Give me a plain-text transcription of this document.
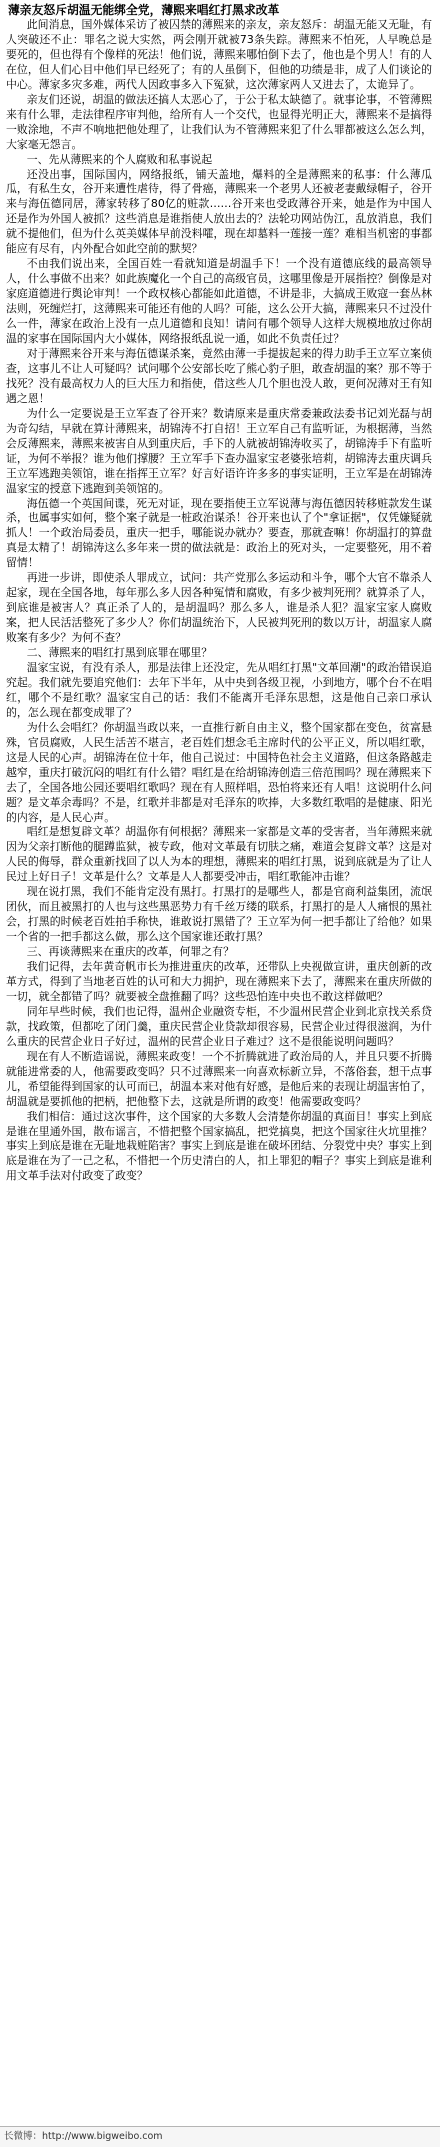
薄亲友怒斥胡温无能绑全党，薄熙来唱红打黑求改革

此间消息，国外媒体采访了被囚禁的薄熙来的亲友，亲友怒斥：胡温无能又无耻，有人突破还不止：罪名之说大实然，两会刚开就被73条失踪。薄熙来不怕死，人早晚总是要死的，但也得有个像样的死法！他们说，薄熙来哪怕倒下去了，他也是个男人！有的人在位，但人们心目中他们早已经死了；有的人虽倒下，但他的功绩是非，成了人们谈论的中心。薄家多灾多难，两代人因政事多入下冤狱，这次薄家两人又进去了，太诡异了。

亲友们还说，胡温的做法还搞人太恶心了，于公于私太缺德了。就事论事，不管薄熙来有什么罪，走法律程序审判他，给所有人一个交代，也显得光明正大，薄熙来不是搞得一败涂地，不声不响地把他处理了，让我们认为不管薄熙来犯了什么罪都被这么怎么判，大家毫无怨言。

一、先从薄熙来的个人腐败和私事说起

还没出事，国际国内，网络报纸，铺天盖地，爆料的全是薄熙来的私事：什么薄瓜瓜，有私生女，谷开来遭性虐待，得了骨癌，薄熙来一个老男人还被老妻戴绿帽子，谷开来与海伍德同居，薄家转移了80亿的赃款……谷开来也受政薄谷开来，她是作为中国人还是作为外国人被抓？这些消息是谁指使人放出去的？法轮功网站伪江，乱放消息，我们就不提他们，但为什么英美媒体早前没料嚯，现在却墓料一莲接一莲？难相当机密的事都能应有尽有，内外配合如此空前的默契？

不由我们说出来，全国百姓一看就知道是胡温手下！一个没有道德底线的最高领导人，什么事做不出来？如此族魔化一个自己的高级官员，这哪里像是开展指控？倒像是对家庭道德进行舆论审判！一个政权核心都能如此道德，不讲是非，大搞成王败寇一套丛林法则，死缠烂打，这薄熙来可能还有他的人吗？可能，这么公开大搞，薄熙来只不过没什么一件，薄家在政治上没有一点儿道德和良知！请问有哪个领导人这样大规模地放过你胡温的家事在国际国内大小媒体，网络报纸乱说一通，如此不负责任过？

对于薄熙来谷开来与海伍德谋杀案，竟然由薄一手提拔起来的得力助手王立军立案侦查，这事儿不让人可疑吗？试问哪个公安部长吃了熊心豹子胆，敢查胡温的案？那不等于找死？没有最高权力人的巨大压力和指使，借这些人几个胆也没人敢，更何况薄对王有知遇之恩！

为什么一定要说是王立军查了谷开来？数请原来是重庆常委兼政法委书记刘光磊与胡为奇勾结，早就在算计薄熙来，胡锦涛不打自招！王立军自己有监听证，为根据薄，当然会反薄熙来，薄熙来被害自从到重庆后，手下的人就被胡锦涛收买了，胡锦涛手下有监听证，为何不举报？谁为他们撑腰？王立军手下查办温家宝老婆张培莉，胡锦涛去重庆调兵王立军逃跑美领馆，谁在指挥王立军？好言好语许许多多的事实证明，王立军是在胡锦涛温家宝的授意下逃跑到美领馆的。

海伍德一个英国间谍，死无对证，现在要指使王立军说薄与海伍德因转移赃款发生谋杀，也属事实如何，整个案子就是一桩政治谋杀！谷开来也认了个"拿证据"，仅凭嫌疑就抓人！一个政治局委员，重庆一把手，哪能说办就办？要查，那就查嘛！你胡温打的算盘真是太精了！胡锦涛这么多年来一贯的做法就是：政治上的死对头，一定要整死，用不着留情！

再进一步讲，即使杀人罪成立，试问：共产党那么多运动和斗争，哪个大官不靠杀人起家，现在全国各地，每年那么多人因各种冤情和腐败，有多少被判死刑？就算杀了人，到底谁是被害人？真正杀了人的，是胡温吗？那么多人，谁是杀人犯？温家宝家人腐败案，把人民活活整死了多少人？你们胡温统治下，人民被判死刑的数以万计，胡温家人腐败案有多少？为何不查？

二、薄熙来的唱红打黑到底罪在哪里？

温家宝说，有没有杀人，那是法律上还没定，先从唱红打黑"文革回潮"的政治错误追究起。我们就先要追究他们：去年下半年，从中央到各级卫视，小到地方，哪个台不在唱红，哪个不是红歌？温家宝自己的话：我们不能离开毛泽东思想，这是他自己亲口承认的，怎么现在都变成罪了？

为什么会唱红？你胡温当政以来，一直推行新自由主义，整个国家都在变色，贫富悬殊，官员腐败，人民生活苦不堪言，老百姓们想念毛主席时代的公平正义，所以唱红歌，这是人民的心声。胡锦涛在位十年，他自己说过：中国特色社会主义道路，但这条路越走越窄，重庆打破沉闷的唱红有什么错？唱红是在给胡锦涛创造三倍范围吗？现在薄熙来下去了，全国各地公园还要唱红歌吗？现在有人照样唱，恐怕将来还有人唱！这说明什么问题？是文革余毒吗？不是，红歌并非都是对毛泽东的吹捧，大多数红歌唱的是健康、阳光的内容，是人民心声。

唱红是想复辟文革？胡温你有何根据？薄熙来一家都是文革的受害者，当年薄熙来就因为父亲打断他的腿蹲监狱，被专政，他对文革最有切肤之痛，难道会复辟文革？这是对人民的侮辱，群众重新找回了以人为本的理想，薄熙来的唱红打黑，说到底就是为了让人民过上好日子！文革是什么？文革是人人都要受冲击，唱红歌能冲击谁？

现在说打黑，我们不能肯定没有黑打。打黑打的是哪些人，都是官商利益集团，流氓团伙，而且被黑打的人也与这些黑恶势力有千丝万缕的联系，打黑打的是人人痛恨的黑社会，打黑的时候老百姓拍手称快，谁敢说打黑错了？王立军为何一把手都让了给他？如果一个省的一把手都这么做，那么这个国家谁还敢打黑？

三、再谈薄熙来在重庆的改革，何罪之有？

我们记得，去年黄奇帆市长为推进重庆的改革，还带队上央视做宣讲，重庆创新的改革方式，得到了当地老百姓的认可和大力拥护，现在薄熙来下去了，薄熙来在重庆所做的一切，就全都错了吗？就要被全盘推翻了吗？这些恐怕连中央也不敢这样做吧？

同年早些时候，我们也记得，温州企业融资专柜，不少温州民营企业到北京找关系贷款，找政策，但都吃了闭门羹，重庆民营企业贷款却很容易，民营企业过得很滋润，为什么重庆的民营企业日子好过，温州的民营企业日子难过？这不是很能说明问题吗？

现在有人不断造谣说，薄熙来政变！一个不折腾就进了政治局的人，并且只要不折腾就能进常委的人，他需要政变吗？只不过薄熙来一向喜欢标新立异，不落俗套，想干点事儿，希望能得到国家的认可而已，胡温本来对他有好感，是他后来的表现让胡温害怕了，胡温就是要抓他的把柄，把他整下去，这就是所谓的政变！他需要政变吗？

我们相信：通过这次事件，这个国家的大多数人会清楚你胡温的真面目！事实上到底是谁在里通外国，散布谣言，不惜把整个国家搞乱，把党搞臭，把这个国家往火坑里推？事实上到底是谁在无耻地栽赃陷害？事实上到底是谁在破坏团结、分裂党中央？事实上到底是谁在为了一己之私，不惜把一个历史清白的人，扣上罪犯的帽子？事实上到底是谁利用文革手法对付政变了政变？

长微博：http://www.bigweibo.com
